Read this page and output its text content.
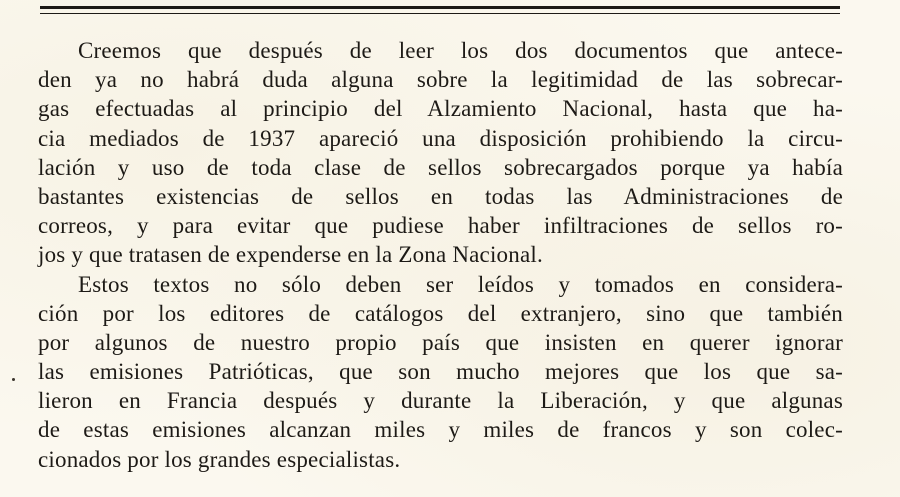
Creemos que después de leer los dos documentos que antece-
den ya no habrá duda alguna sobre la legitimidad de las sobrecar-
gas efectuadas al principio del Alzamiento Nacional, hasta que ha-
cia mediados de 1937 apareció una disposición prohibiendo la circu-
lación y uso de toda clase de sellos sobrecargados porque ya había
bastantes existencias de sellos en todas las Administraciones de
correos, y para evitar que pudiese haber infiltraciones de sellos ro-
jos y que tratasen de expenderse en la Zona Nacional.
Estos textos no sólo deben ser leídos y tomados en considera-
ción por los editores de catálogos del extranjero, sino que también
por algunos de nuestro propio país que insisten en querer ignorar
las emisiones Patrióticas, que son mucho mejores que los que sa-
lieron en Francia después y durante la Liberación, y que algunas
de estas emisiones alcanzan miles y miles de francos y son colec-
cionados por los grandes especialistas.
